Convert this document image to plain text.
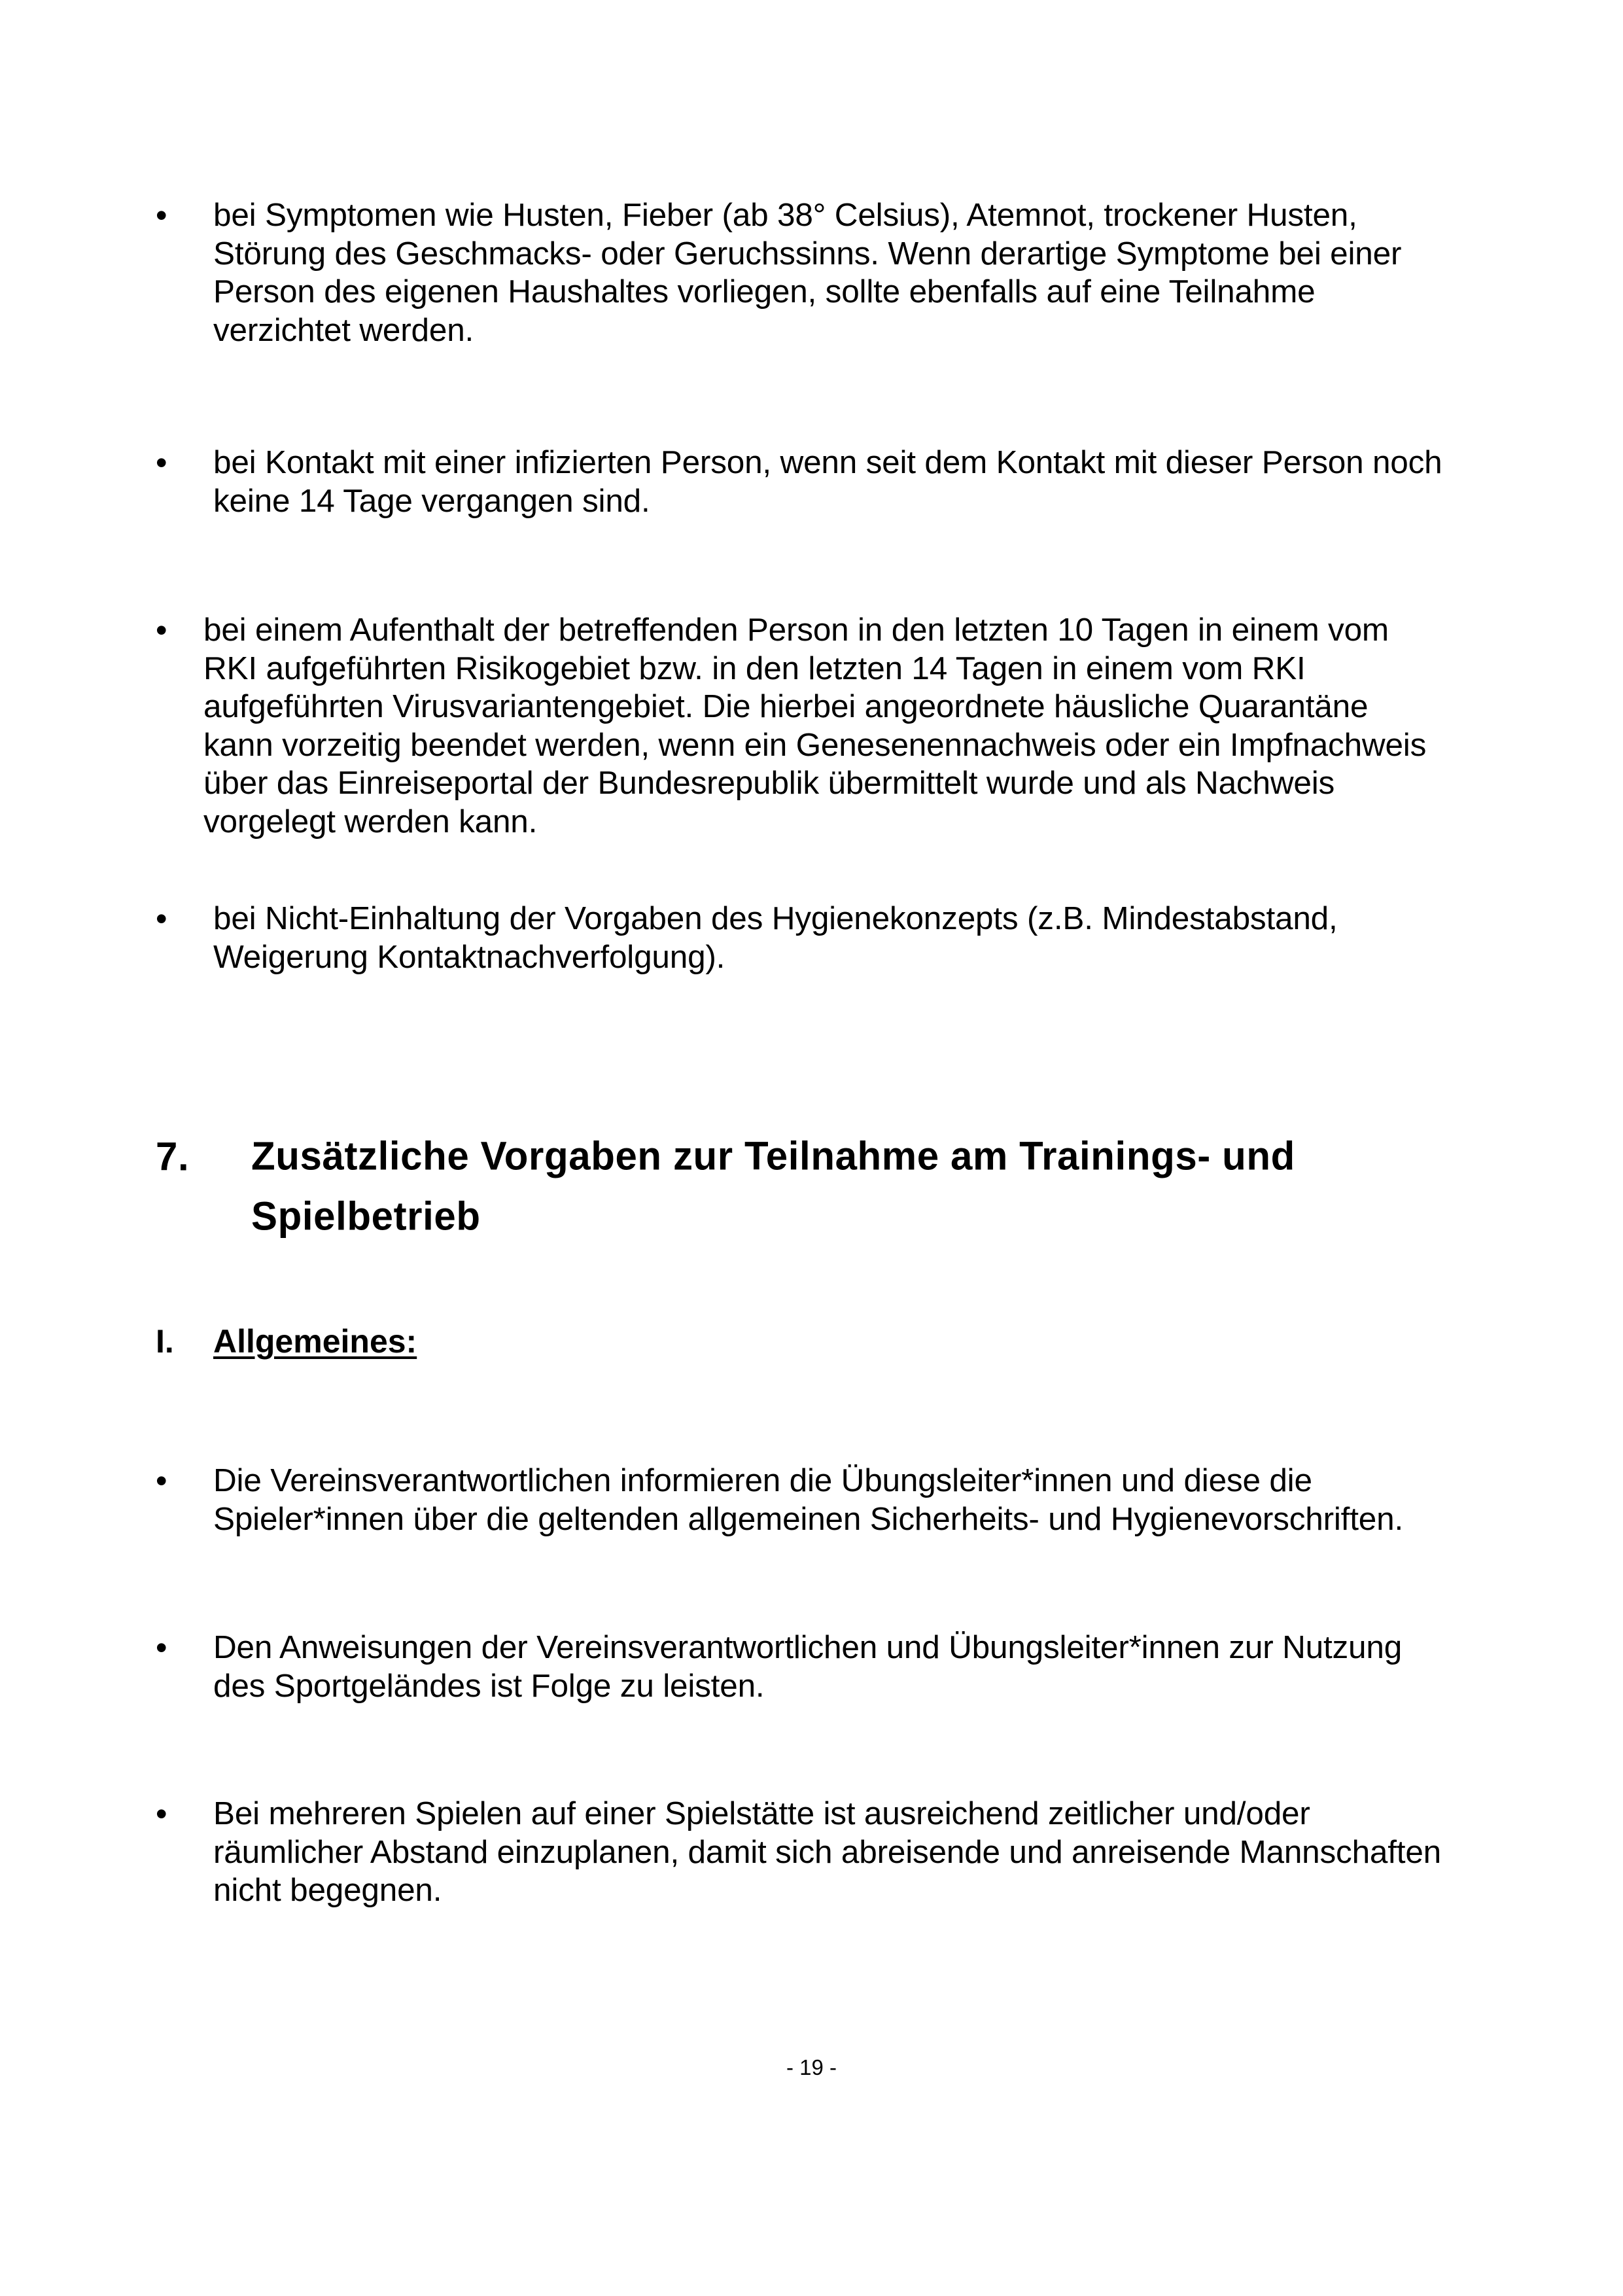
• bei Symptomen wie Husten, Fieber (ab 38° Celsius), Atemnot, trockener Husten,
Störung des Geschmacks- oder Geruchssinns. Wenn derartige Symptome bei einer
Person des eigenen Haushaltes vorliegen, sollte ebenfalls auf eine Teilnahme
verzichtet werden.
• bei Kontakt mit einer infizierten Person, wenn seit dem Kontakt mit dieser Person noch
keine 14 Tage vergangen sind.
• bei einem Aufenthalt der betreffenden Person in den letzten 10 Tagen in einem vom
RKI aufgeführten Risikogebiet bzw. in den letzten 14 Tagen in einem vom RKI
aufgeführten Virusvariantengebiet. Die hierbei angeordnete häusliche Quarantäne
kann vorzeitig beendet werden, wenn ein Genesenennachweis oder ein Impfnachweis
über das Einreiseportal der Bundesrepublik übermittelt wurde und als Nachweis
vorgelegt werden kann.
• bei Nicht-Einhaltung der Vorgaben des Hygienekonzepts (z.B. Mindestabstand,
Weigerung Kontaktnachverfolgung).
7. Zusätzliche Vorgaben zur Teilnahme am Trainings- und
Spielbetrieb
I. Allgemeines:
• Die Vereinsverantwortlichen informieren die Übungsleiter*innen und diese die
Spieler*innen über die geltenden allgemeinen Sicherheits- und Hygienevorschriften.
• Den Anweisungen der Vereinsverantwortlichen und Übungsleiter*innen zur Nutzung
des Sportgeländes ist Folge zu leisten.
• Bei mehreren Spielen auf einer Spielstätte ist ausreichend zeitlicher und/oder
räumlicher Abstand einzuplanen, damit sich abreisende und anreisende Mannschaften
nicht begegnen.
- 19 -
